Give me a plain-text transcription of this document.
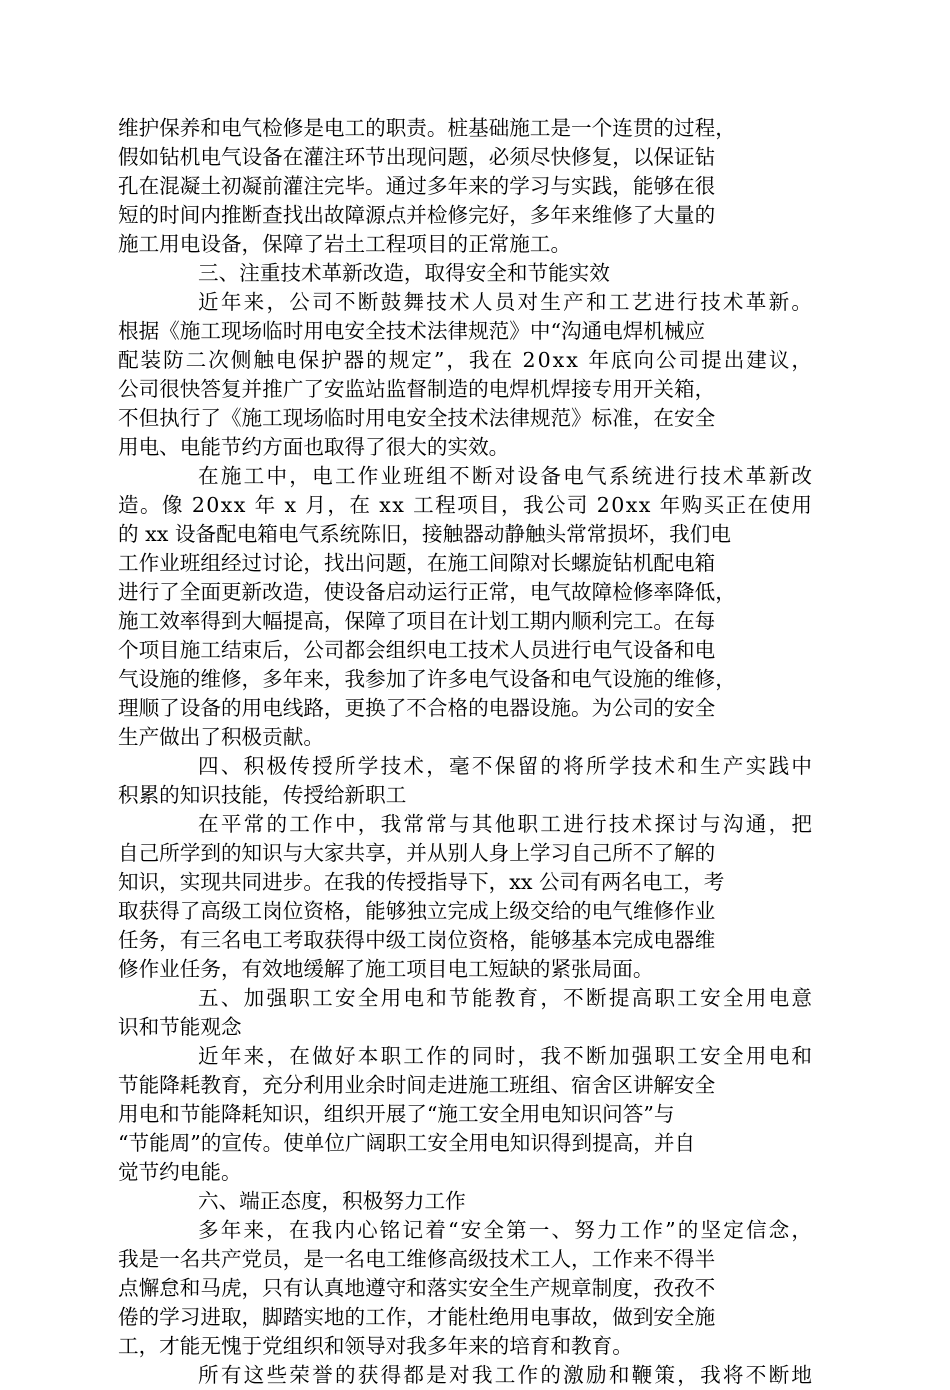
维护保养和电气检修是电工的职责。桩基础施工是一个连贯的过程，
假如钻机电气设备在灌注环节出现问题，必须尽快修复，以保证钻
孔在混凝土初凝前灌注完毕。通过多年来的学习与实践，能够在很
短的时间内推断查找出故障源点并检修完好，多年来维修了大量的
施工用电设备，保障了岩土工程项目的正常施工。
三、注重技术革新改造，取得安全和节能实效
近年来，公司不断鼓舞技术人员对生产和工艺进行技术革新。
根据《施工现场临时用电安全技术法律规范》中“沟通电焊机械应
配装防二次侧触电保护器的规定”，我在 20xx 年底向公司提出建议，
公司很快答复并推广了安监站监督制造的电焊机焊接专用开关箱，
不但执行了《施工现场临时用电安全技术法律规范》标准，在安全
用电、电能节约方面也取得了很大的实效。
在施工中，电工作业班组不断对设备电气系统进行技术革新改
造。像 20xx 年 x 月，在 xx 工程项目，我公司 20xx 年购买正在使用
的 xx 设备配电箱电气系统陈旧，接触器动静触头常常损坏，我们电
工作业班组经过讨论，找出问题，在施工间隙对长螺旋钻机配电箱
进行了全面更新改造，使设备启动运行正常，电气故障检修率降低，
施工效率得到大幅提高，保障了项目在计划工期内顺利完工。在每
个项目施工结束后，公司都会组织电工技术人员进行电气设备和电
气设施的维修，多年来，我参加了许多电气设备和电气设施的维修，
理顺了设备的用电线路，更换了不合格的电器设施。为公司的安全
生产做出了积极贡献。
四、积极传授所学技术，毫不保留的将所学技术和生产实践中
积累的知识技能，传授给新职工
在平常的工作中，我常常与其他职工进行技术探讨与沟通，把
自己所学到的知识与大家共享，并从别人身上学习自己所不了解的
知识，实现共同进步。在我的传授指导下，xx 公司有两名电工，考
取获得了高级工岗位资格，能够独立完成上级交给的电气维修作业
任务，有三名电工考取获得中级工岗位资格，能够基本完成电器维
修作业任务，有效地缓解了施工项目电工短缺的紧张局面。
五、加强职工安全用电和节能教育，不断提高职工安全用电意
识和节能观念
近年来，在做好本职工作的同时，我不断加强职工安全用电和
节能降耗教育，充分利用业余时间走进施工班组、宿舍区讲解安全
用电和节能降耗知识，组织开展了“施工安全用电知识问答”与
“节能周”的宣传。使单位广阔职工安全用电知识得到提高，并自
觉节约电能。
六、端正态度，积极努力工作
多年来，在我内心铭记着“安全第一、努力工作”的坚定信念，
我是一名共产党员，是一名电工维修高级技术工人，工作来不得半
点懈怠和马虎，只有认真地遵守和落实安全生产规章制度，孜孜不
倦的学习进取，脚踏实地的工作，才能杜绝用电事故，做到安全施
工，才能无愧于党组织和领导对我多年来的培育和教育。
所有这些荣誉的获得都是对我工作的激励和鞭策，我将不断地
